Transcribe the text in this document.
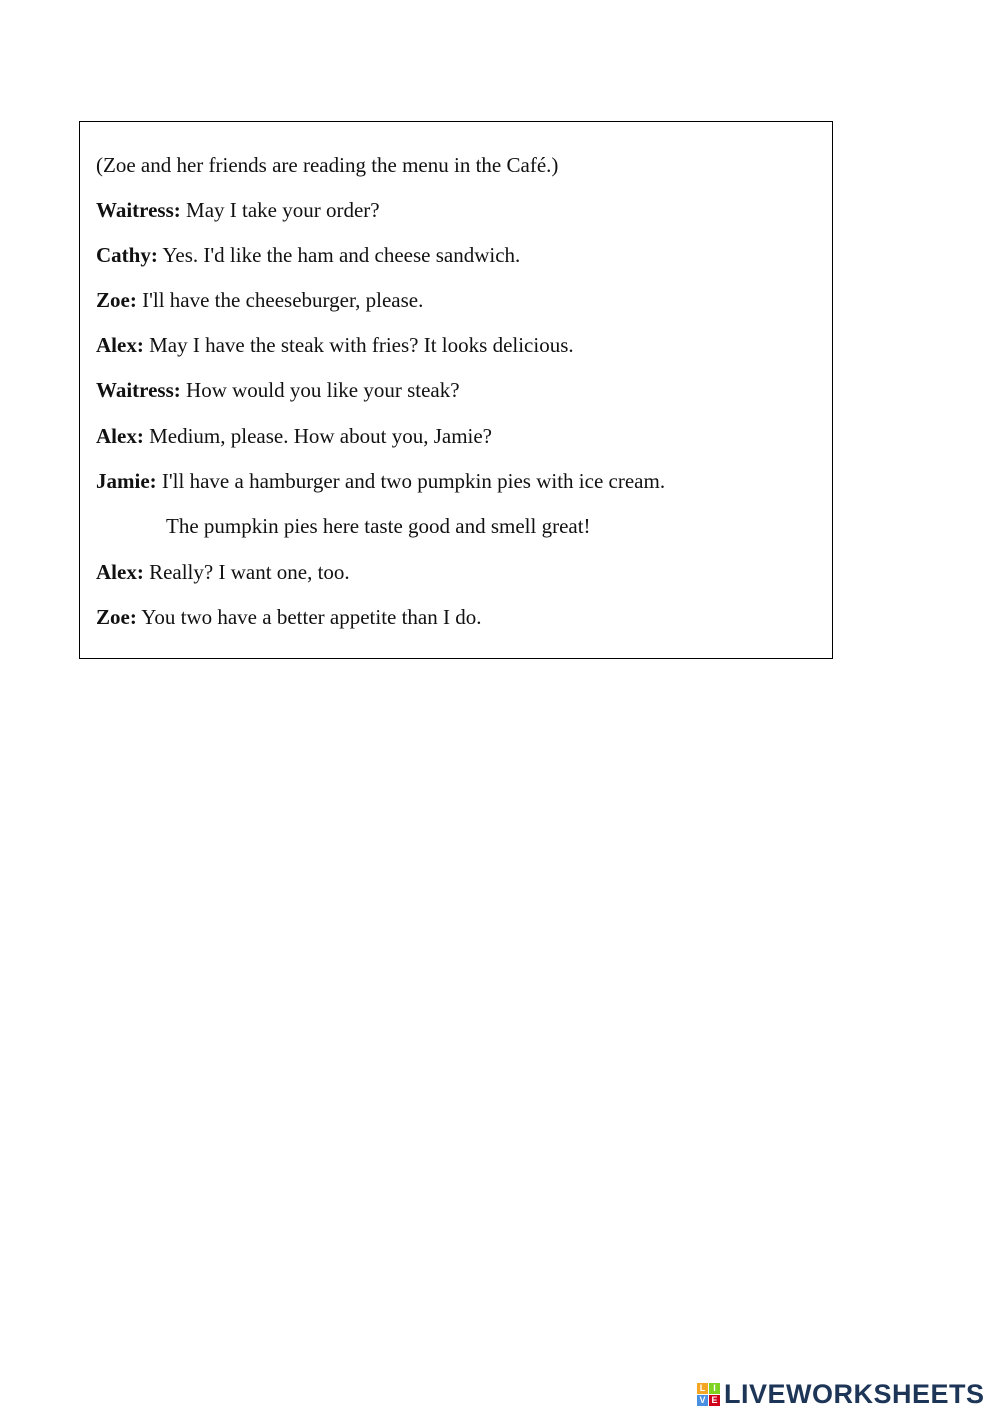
(Zoe and her friends are reading the menu in the Café.)
Waitress: May I take your order?
Cathy: Yes. I'd like the ham and cheese sandwich.
Zoe: I'll have the cheeseburger, please.
Alex: May I have the steak with fries? It looks delicious.
Waitress: How would you like your steak?
Alex: Medium, please. How about you, Jamie?
Jamie: I'll have a hamburger and two pumpkin pies with ice cream.
The pumpkin pies here taste good and smell great!
Alex: Really? I want one, too.
Zoe: You two have a better appetite than I do.
L I
V E LIVEWORKSHEETS
